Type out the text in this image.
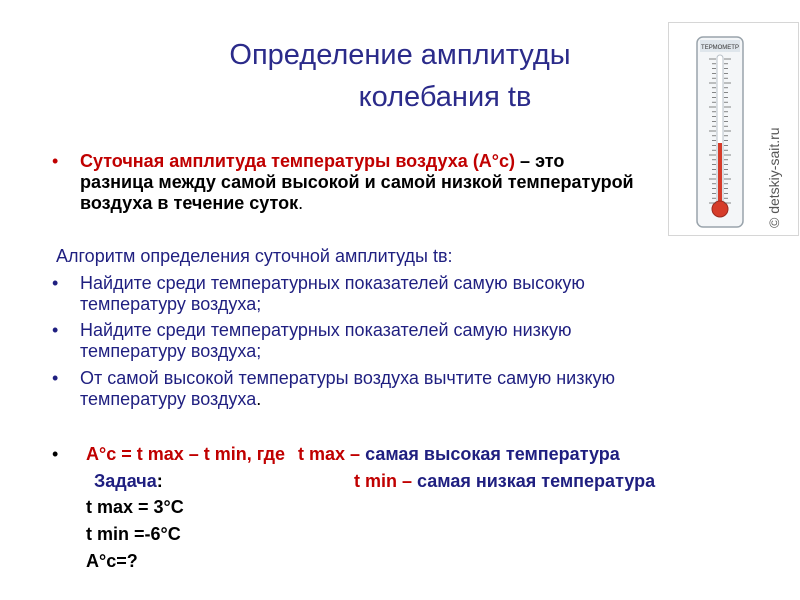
Определение амплитуды
колебания tв
ТЕРМОМЕТР
© detskiy-sait.ru
• Суточная амплитуда температуры воздуха (A°с) – это
разница между самой высокой и самой низкой температурой
воздуха в течение суток.
Алгоритм определения суточной амплитуды tв:
• Найдите среди температурных показателей самую высокую
температуру воздуха;
• Найдите среди температурных показателей самую низкую
температуру воздуха;
• От самой высокой температуры воздуха вычтите самую низкую
температуру воздуха.
• A°c = t max – t min, где t max – самая высокая температура
Задача:	t min – самая низкая температура
t max = 3°C
t min =-6°C
A°c=?
